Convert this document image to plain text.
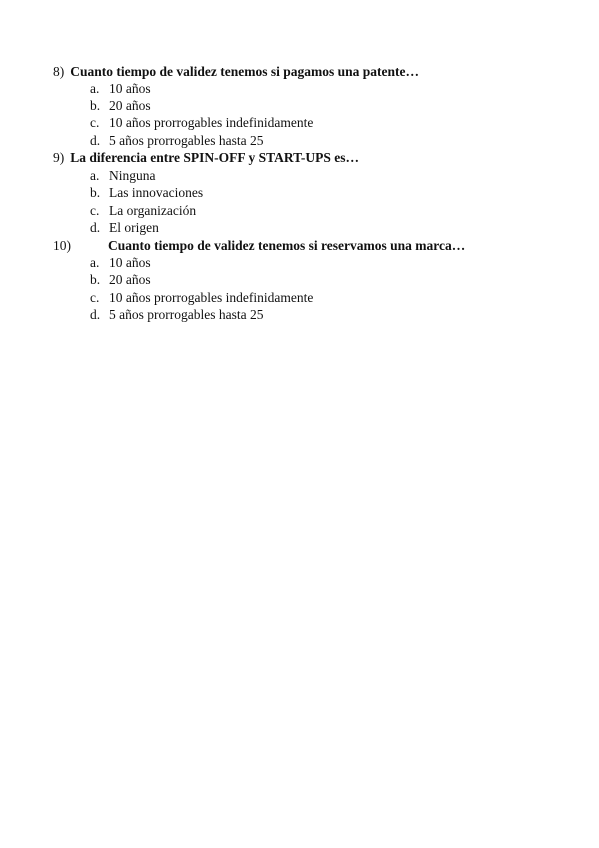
8) Cuanto tiempo de validez tenemos si pagamos una patente…
a. 10 años
b. 20 años
c. 10 años prorrogables indefinidamente
d. 5 años prorrogables hasta 25
9) La diferencia entre SPIN-OFF y START-UPS es…
a. Ninguna
b. Las innovaciones
c. La organización
d. El origen
10)	Cuanto tiempo de validez tenemos si reservamos una marca…
a. 10 años
b. 20 años
c. 10 años prorrogables indefinidamente
d. 5 años prorrogables hasta 25
